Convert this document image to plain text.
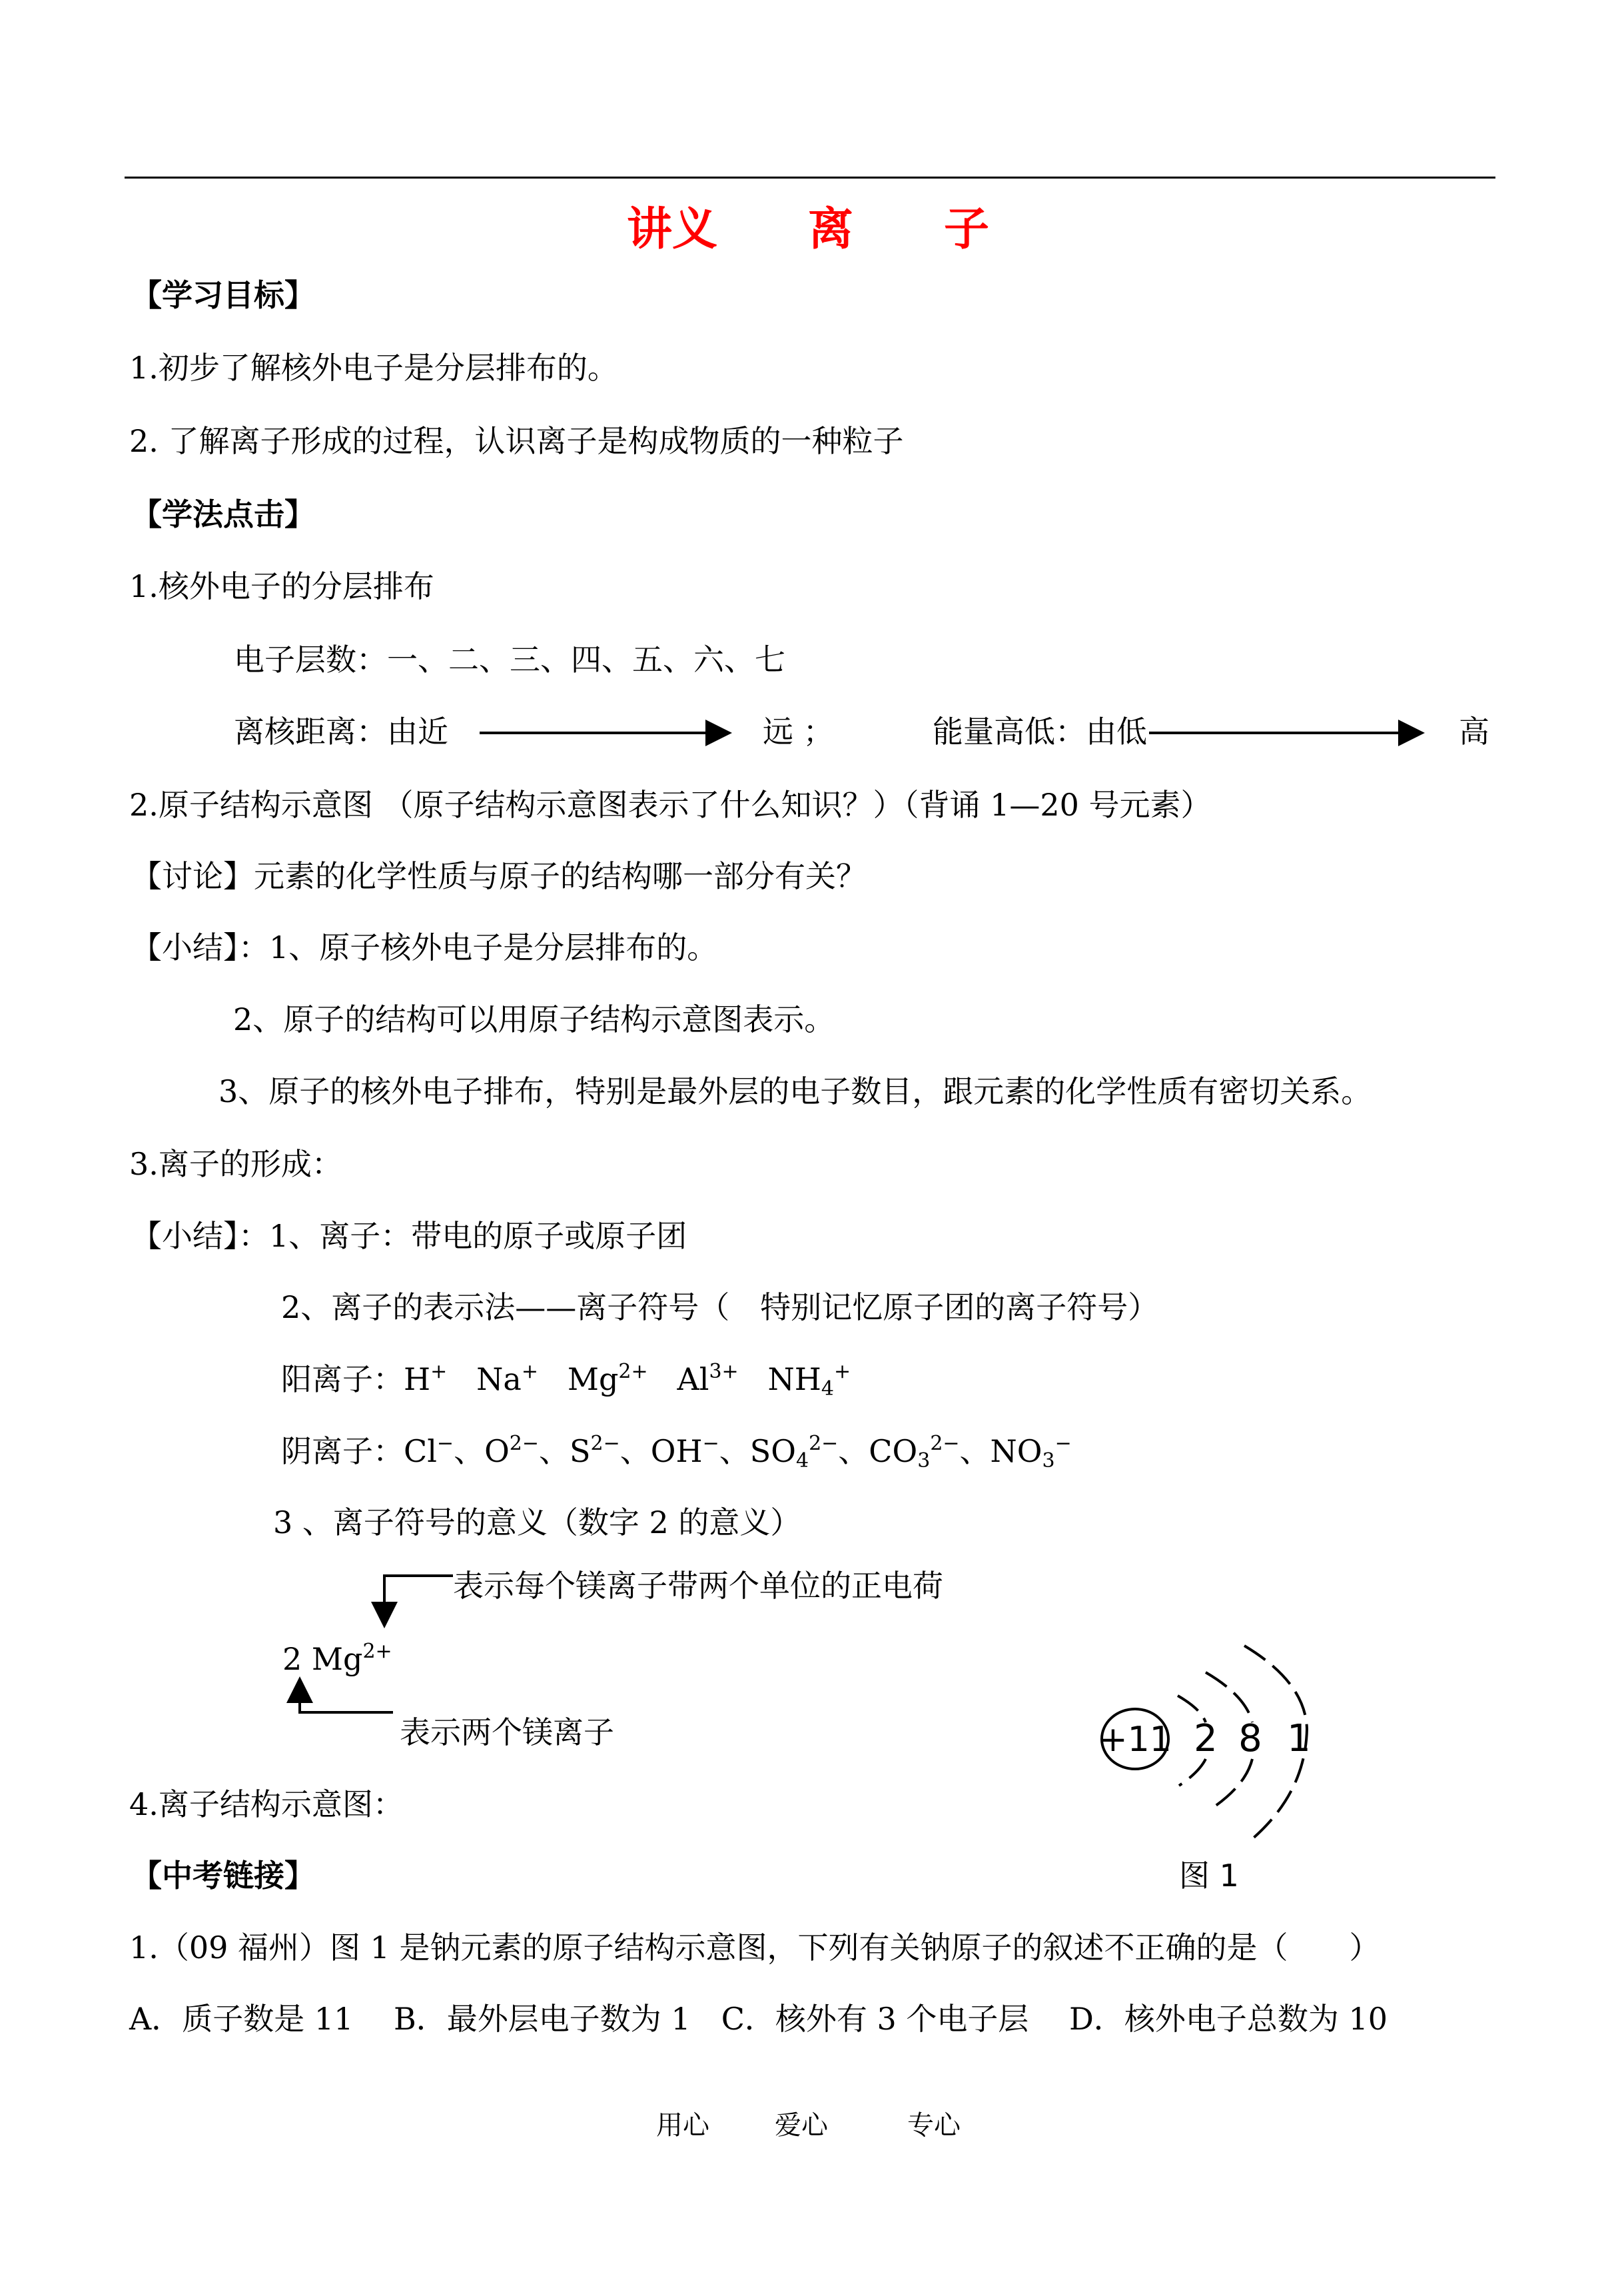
讲义　　离　　子
【学习目标】
1.初步了解核外电子是分层排布的。
2. 了解离子形成的过程，认识离子是构成物质的一种粒子
【学法点击】
1.核外电子的分层排布
电子层数：一、二、三、四、五、六、七
离核距离：由近	远 ；	能量高低：由低	高
2.原子结构示意图 （原子结构示意图表示了什么知识？）（背诵 1—20 号元素）
【讨论】元素的化学性质与原子的结构哪一部分有关？
【小结】：1、原子核外电子是分层排布的。
2、原子的结构可以用原子结构示意图表示。
3、原子的核外电子排布，特别是最外层的电子数目，跟元素的化学性质有密切关系。
3.离子的形成：
【小结】：1、离子：带电的原子或原子团
2、离子的表示法——离子符号（　特别记忆原子团的离子符号）
阳离子：H+ Na+ $Mg^{2+}$ $Al^{3+}$ $NH_4^+$
阴离子：Cl−、$O^{2-}$、$S^{2-}$、OH−、$SO_4^{2-}$、$CO_3^{2-}$、$NO_3^-$
3 、离子符号的意义（数字 2 的意义）
表示每个镁离子带两个单位的正电荷
2 $Mg^{2+}$
表示两个镁离子
4.离子结构示意图：
【中考链接】
1.（09 福州）图 1 是钠元素的原子结构示意图，下列有关钠原子的叙述不正确的是（　　）
A．质子数是 11　 B．最外层电子数为 1　C．核外有 3 个电子层　 D．核外电子总数为 10
+11 2 8 1
图 1
用心 爱心	专心
